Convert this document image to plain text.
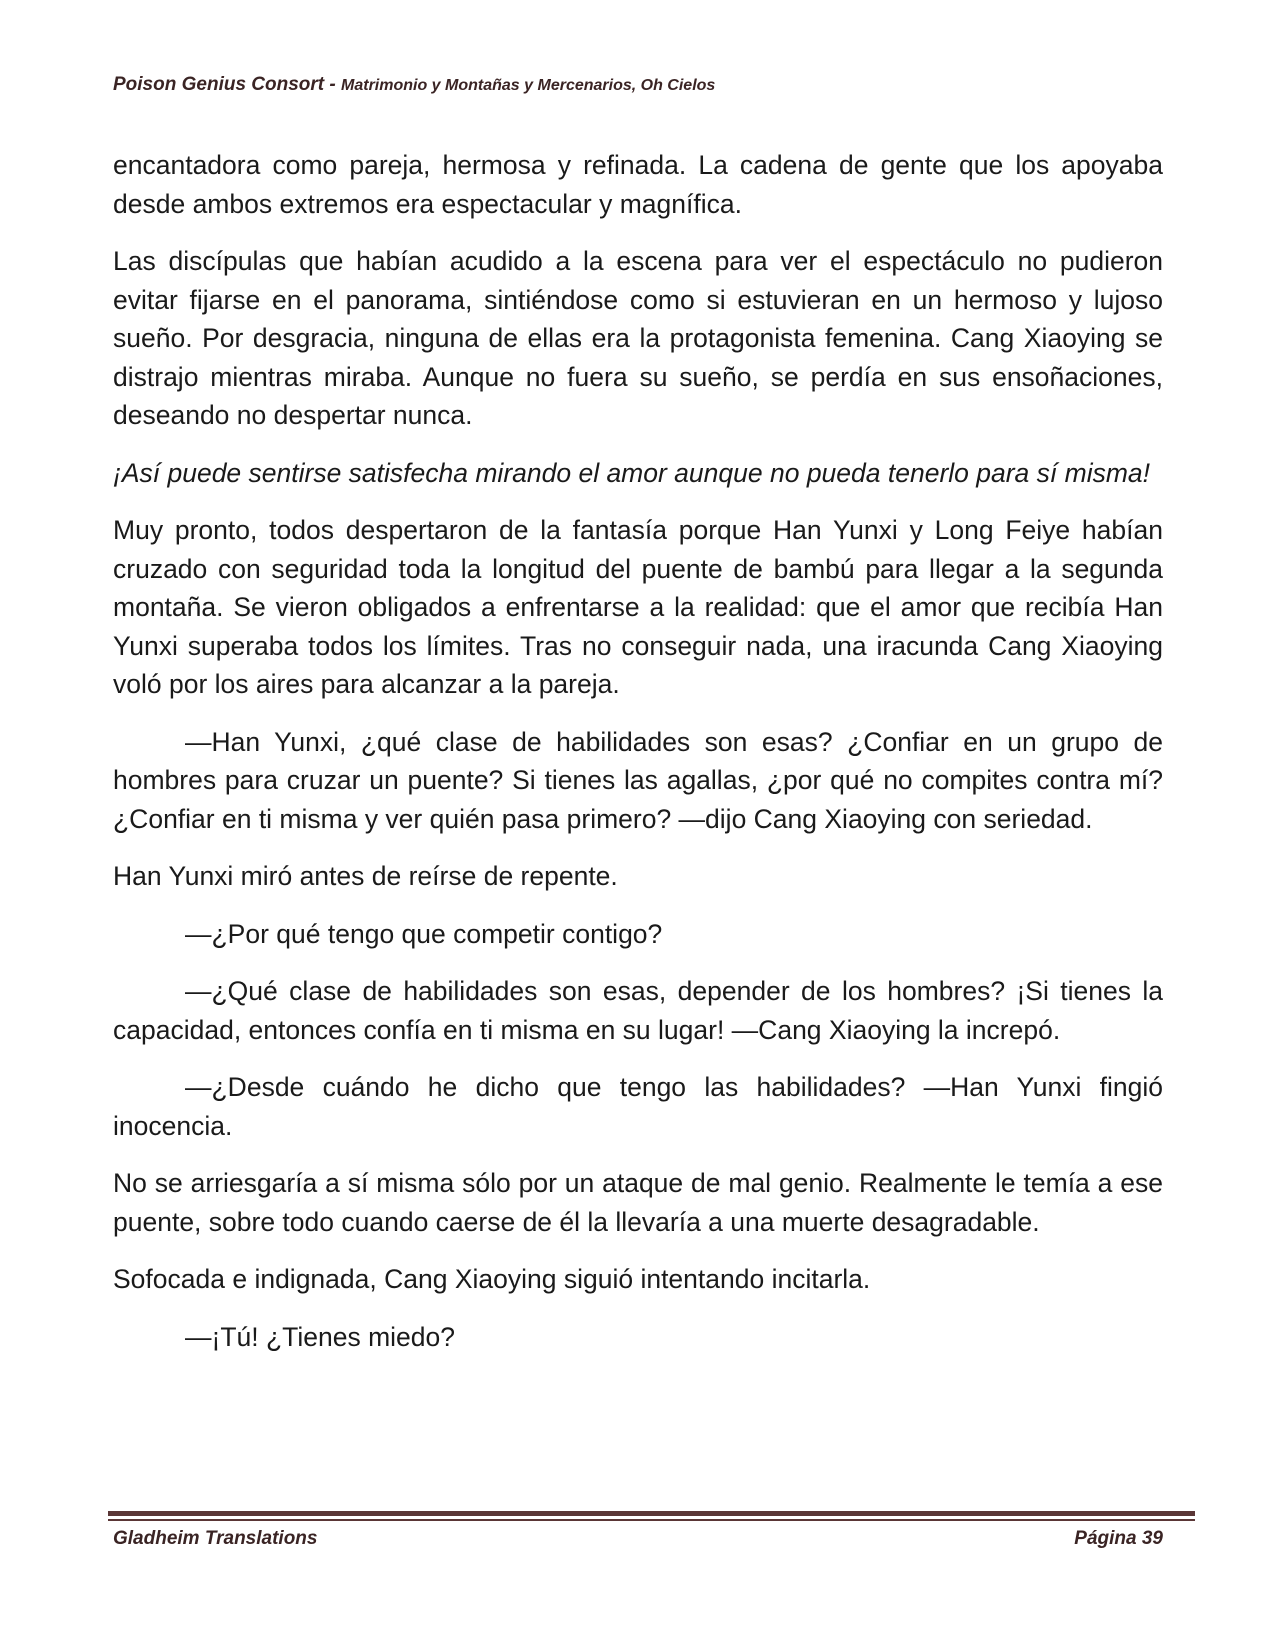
Poison Genius Consort - Matrimonio y Montañas y Mercenarios, Oh Cielos

encantadora como pareja, hermosa y refinada. La cadena de gente que los apoyaba desde ambos extremos era espectacular y magnífica.

Las discípulas que habían acudido a la escena para ver el espectáculo no pudieron evitar fijarse en el panorama, sintiéndose como si estuvieran en un hermoso y lujoso sueño. Por desgracia, ninguna de ellas era la protagonista femenina. Cang Xiaoying se distrajo mientras miraba. Aunque no fuera su sueño, se perdía en sus ensoñaciones, deseando no despertar nunca.

¡Así puede sentirse satisfecha mirando el amor aunque no pueda tenerlo para sí misma!

Muy pronto, todos despertaron de la fantasía porque Han Yunxi y Long Feiye habían cruzado con seguridad toda la longitud del puente de bambú para llegar a la segunda montaña. Se vieron obligados a enfrentarse a la realidad: que el amor que recibía Han Yunxi superaba todos los límites. Tras no conseguir nada, una iracunda Cang Xiaoying voló por los aires para alcanzar a la pareja.

—Han Yunxi, ¿qué clase de habilidades son esas? ¿Confiar en un grupo de hombres para cruzar un puente? Si tienes las agallas, ¿por qué no compites contra mí? ¿Confiar en ti misma y ver quién pasa primero? —dijo Cang Xiaoying con seriedad.

Han Yunxi miró antes de reírse de repente.

—¿Por qué tengo que competir contigo?

—¿Qué clase de habilidades son esas, depender de los hombres? ¡Si tienes la capacidad, entonces confía en ti misma en su lugar! —Cang Xiaoying la increpó.

—¿Desde cuándo he dicho que tengo las habilidades? —Han Yunxi fingió inocencia.

No se arriesgaría a sí misma sólo por un ataque de mal genio. Realmente le temía a ese puente, sobre todo cuando caerse de él la llevaría a una muerte desagradable.

Sofocada e indignada, Cang Xiaoying siguió intentando incitarla.

—¡Tú! ¿Tienes miedo?

Gladheim Translations	Página 39
